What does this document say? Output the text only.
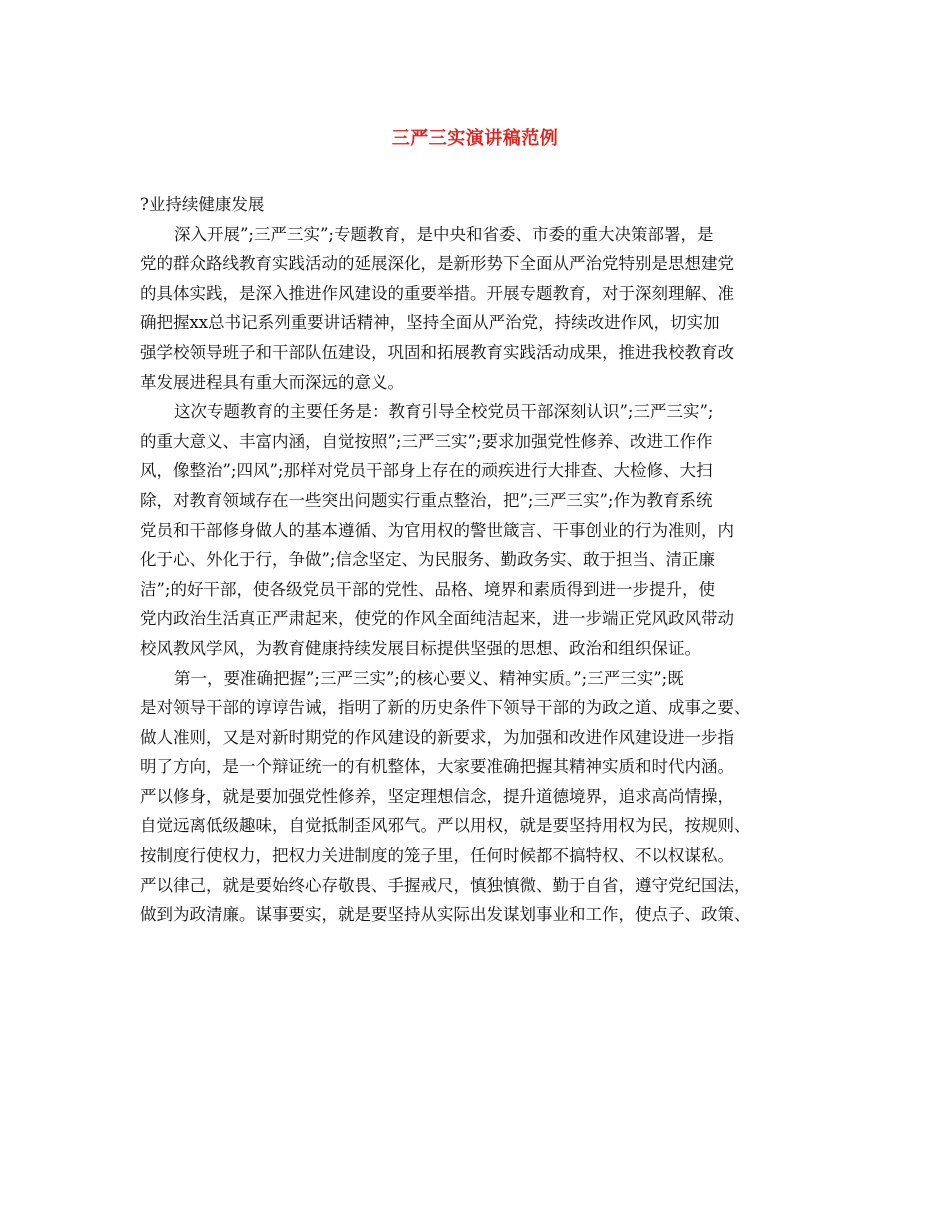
三严三实演讲稿范例
?业持续健康发展
深入开展”;三严三实”;专题教育，是中央和省委、市委的重大决策部署，是
党的群众路线教育实践活动的延展深化，是新形势下全面从严治党特别是思想建党
的具体实践，是深入推进作风建设的重要举措。开展专题教育，对于深刻理解、准
确把握xx总书记系列重要讲话精神，坚持全面从严治党，持续改进作风，切实加
强学校领导班子和干部队伍建设，巩固和拓展教育实践活动成果，推进我校教育改
革发展进程具有重大而深远的意义。
这次专题教育的主要任务是：教育引导全校党员干部深刻认识”;三严三实”;
的重大意义、丰富内涵，自觉按照”;三严三实”;要求加强党性修养、改进工作作
风，像整治”;四风”;那样对党员干部身上存在的顽疾进行大排查、大检修、大扫
除，对教育领域存在一些突出问题实行重点整治，把”;三严三实”;作为教育系统
党员和干部修身做人的基本遵循、为官用权的警世箴言、干事创业的行为准则，内
化于心、外化于行，争做”;信念坚定、为民服务、勤政务实、敢于担当、清正廉
洁”;的好干部，使各级党员干部的党性、品格、境界和素质得到进一步提升，使
党内政治生活真正严肃起来，使党的作风全面纯洁起来，进一步端正党风政风带动
校风教风学风，为教育健康持续发展目标提供坚强的思想、政治和组织保证。
第一，要准确把握”;三严三实”;的核心要义、精神实质。”;三严三实”;既
是对领导干部的谆谆告诫，指明了新的历史条件下领导干部的为政之道、成事之要、
做人准则，又是对新时期党的作风建设的新要求，为加强和改进作风建设进一步指
明了方向，是一个辩证统一的有机整体，大家要准确把握其精神实质和时代内涵。
严以修身，就是要加强党性修养，坚定理想信念，提升道德境界，追求高尚情操，
自觉远离低级趣味，自觉抵制歪风邪气。严以用权，就是要坚持用权为民，按规则、
按制度行使权力，把权力关进制度的笼子里，任何时候都不搞特权、不以权谋私。
严以律己，就是要始终心存敬畏、手握戒尺，慎独慎微、勤于自省，遵守党纪国法，
做到为政清廉。谋事要实，就是要坚持从实际出发谋划事业和工作，使点子、政策、
